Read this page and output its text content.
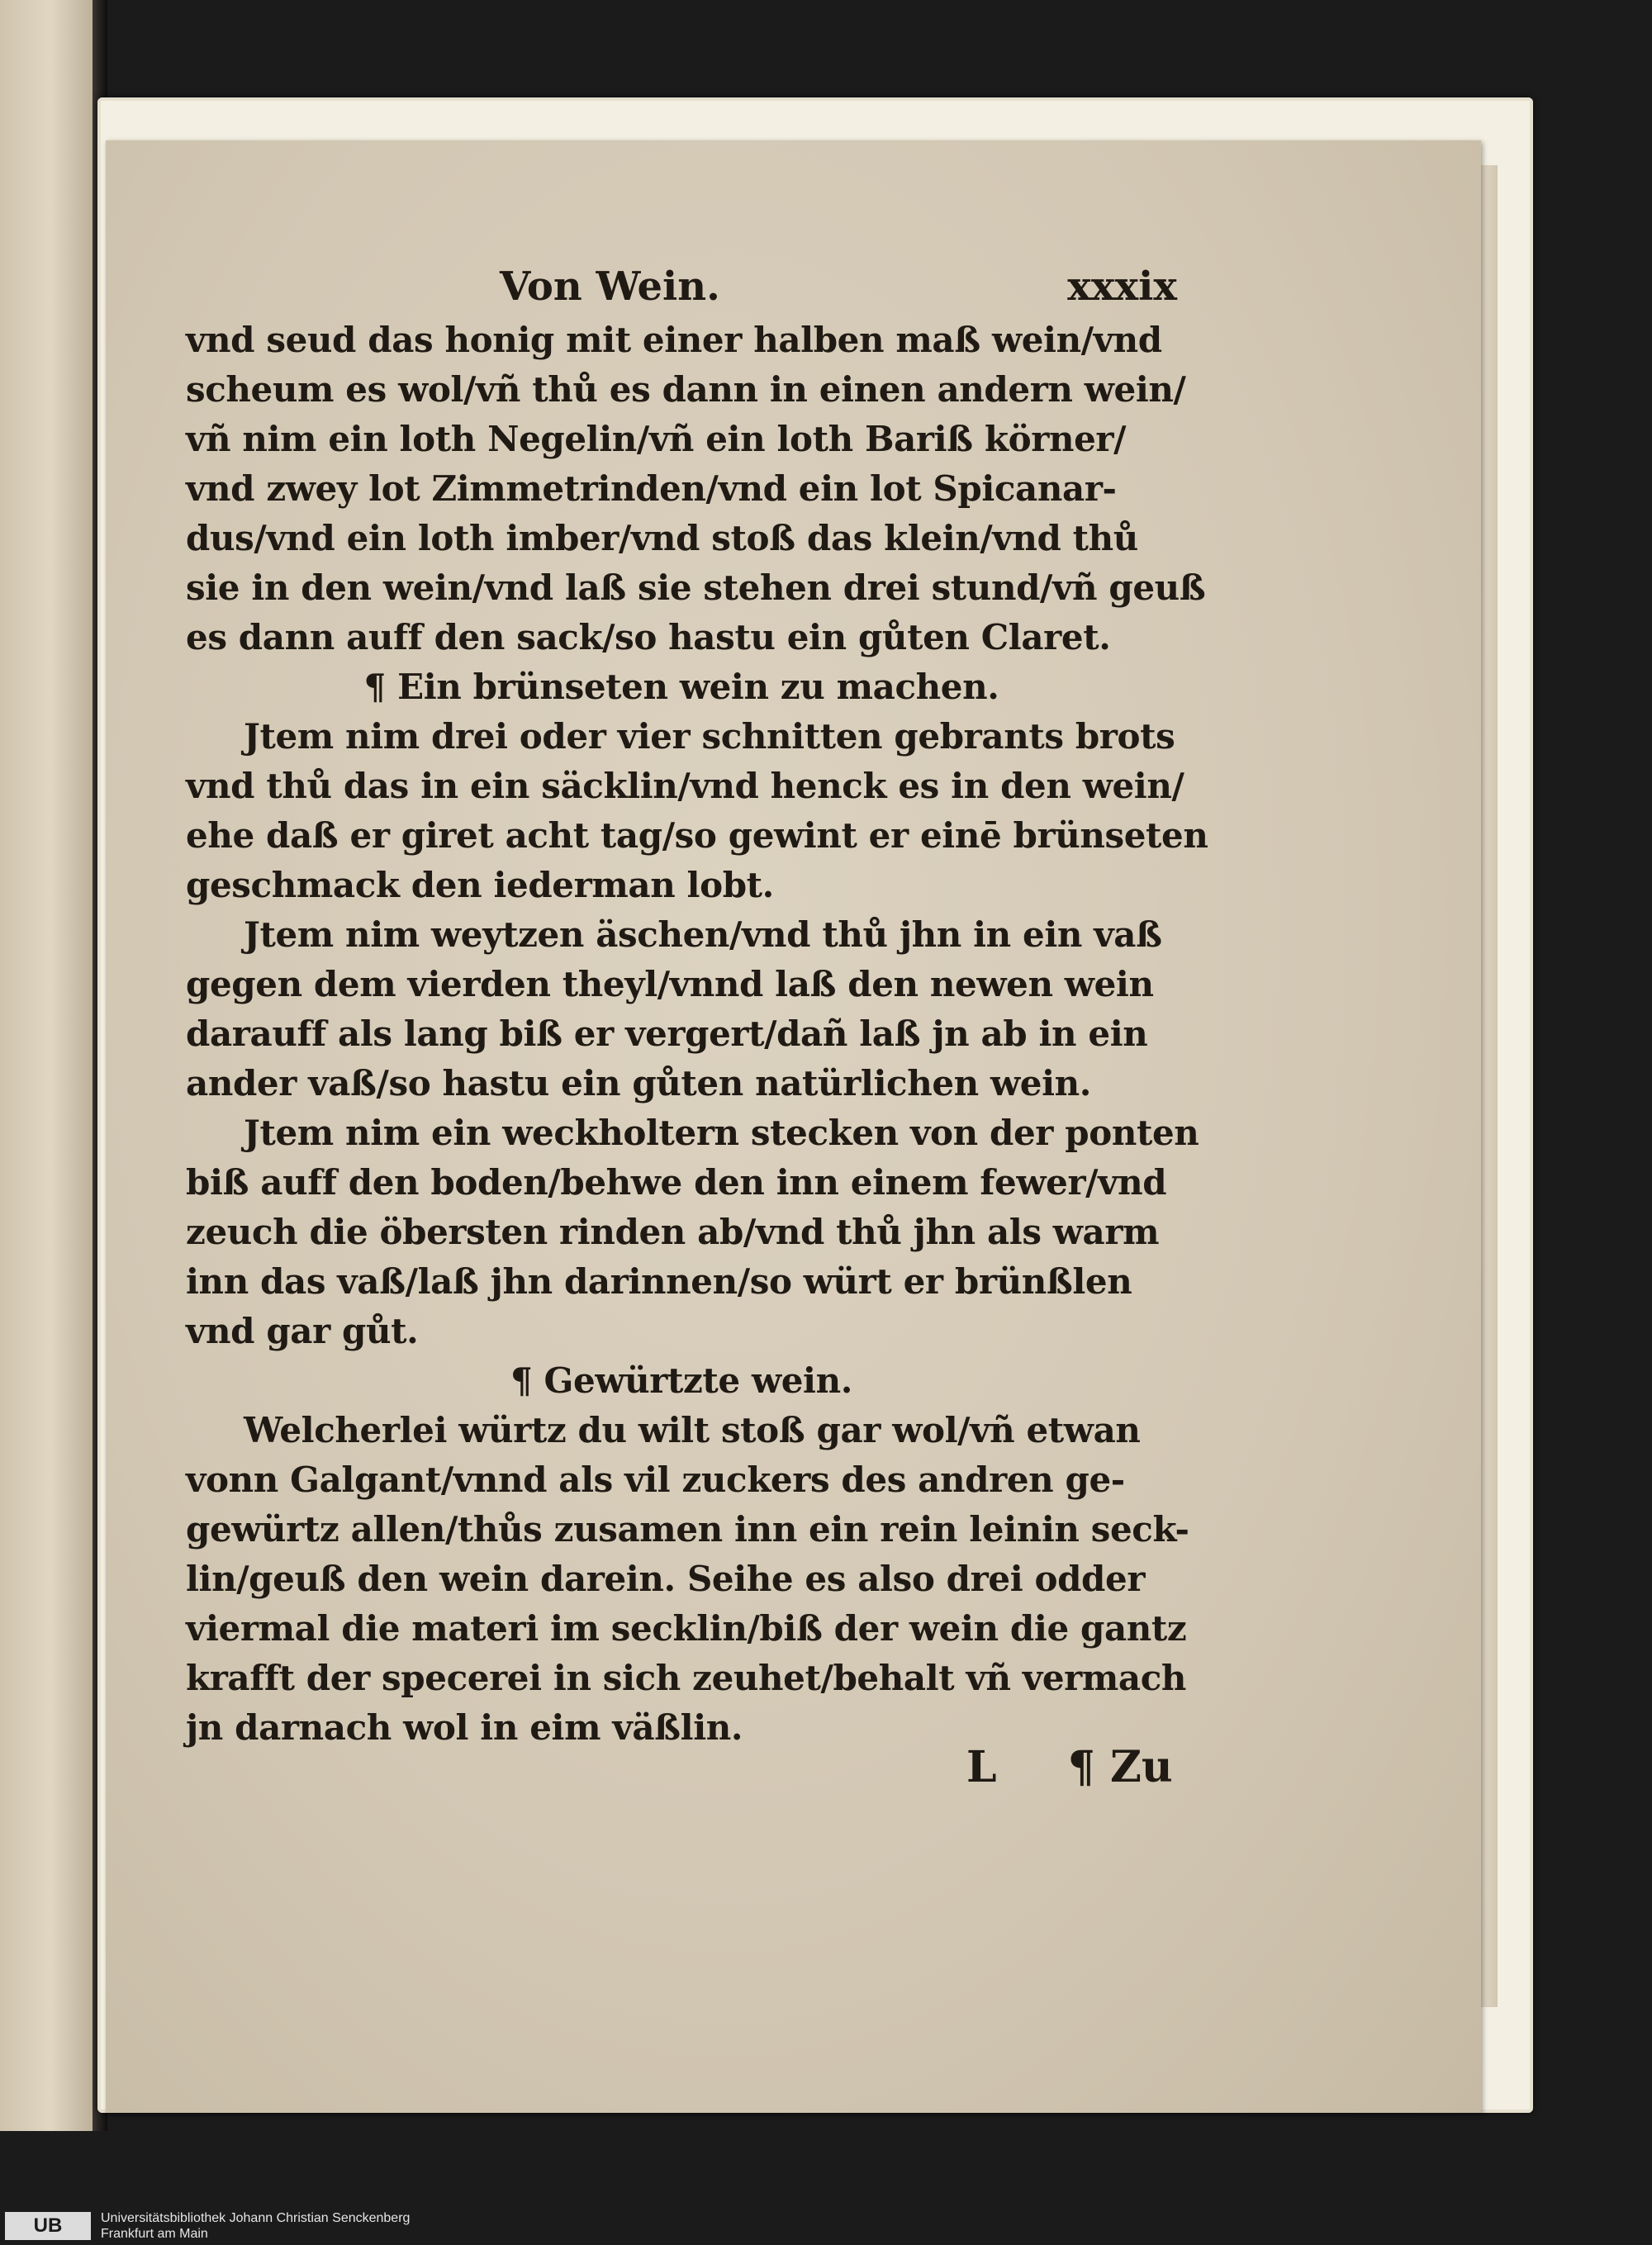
Von Wein.	xxxix
vnd seud das honig mit einer halben maß wein/vnd
scheum es wol/vñ thů es dann in einen andern wein/
vñ nim ein loth Negelin/vñ ein loth Bariß körner/
vnd zwey lot Zimmetrinden/vnd ein lot Spicanar-
dus/vnd ein loth imber/vnd stoß das klein/vnd thů
sie in den wein/vnd laß sie stehen drei stund/vñ geuß
es dann auff den sack/so hastu ein gůten Claret.
¶ Ein brünseten wein zu machen.
Jtem nim drei oder vier schnitten gebrants brots
vnd thů das in ein säcklin/vnd henck es in den wein/
ehe daß er giret acht tag/so gewint er einē brünseten
geschmack den iederman lobt.
Jtem nim weytzen äschen/vnd thů jhn in ein vaß
gegen dem vierden theyl/vnnd laß den newen wein
darauff als lang biß er vergert/dañ laß jn ab in ein
ander vaß/so hastu ein gůten natürlichen wein.
Jtem nim ein weckholtern stecken von der ponten
biß auff den boden/behwe den inn einem fewer/vnd
zeuch die öbersten rinden ab/vnd thů jhn als warm
inn das vaß/laß jhn darinnen/so würt er brünßlen
vnd gar gůt.
¶ Gewürtzte wein.
Welcherlei würtz du wilt stoß gar wol/vñ etwan
vonn Galgant/vnnd als vil zuckers des andren ge-
gewürtz allen/thůs zusamen inn ein rein leinin seck-
lin/geuß den wein darein. Seihe es also drei odder
viermal die materi im secklin/biß der wein die gantz
krafft der specerei in sich zeuhet/behalt vñ vermach
jn darnach wol in eim väßlin.
L ¶ Zu
UB	Universitätsbibliothek Johann Christian Senckenberg
Frankfurt am Main
